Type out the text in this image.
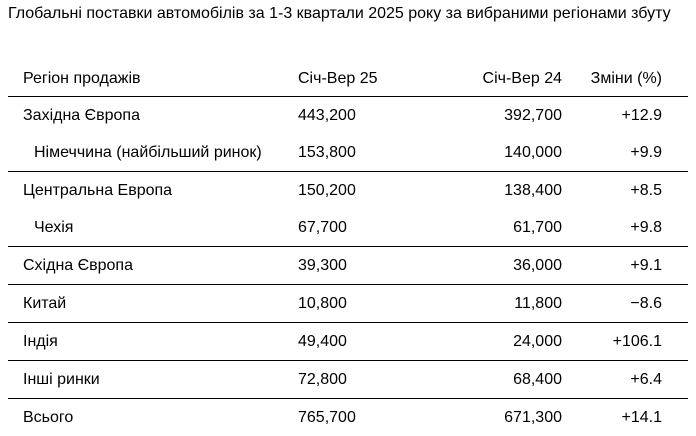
Глобальні поставки автомобілів за 1-3 квартали 2025 року за вибраними регіонами збуту
Регіон продажів	Січ-Вер 25	Січ-Вер 24	Зміни (%)
Західна Європа	443,200	392,700	+12.9
Німеччина (найбільший ринок)	153,800	140,000	+9.9
Центральна Европа	150,200	138,400	+8.5
Чехія	67,700	61,700	+9.8
Східна Європа	39,300	36,000	+9.1
Китай	10,800	11,800	−8.6
Індія	49,400	24,000	+106.1
Інші ринки	72,800	68,400	+6.4
Всього	765,700	671,300	+14.1
